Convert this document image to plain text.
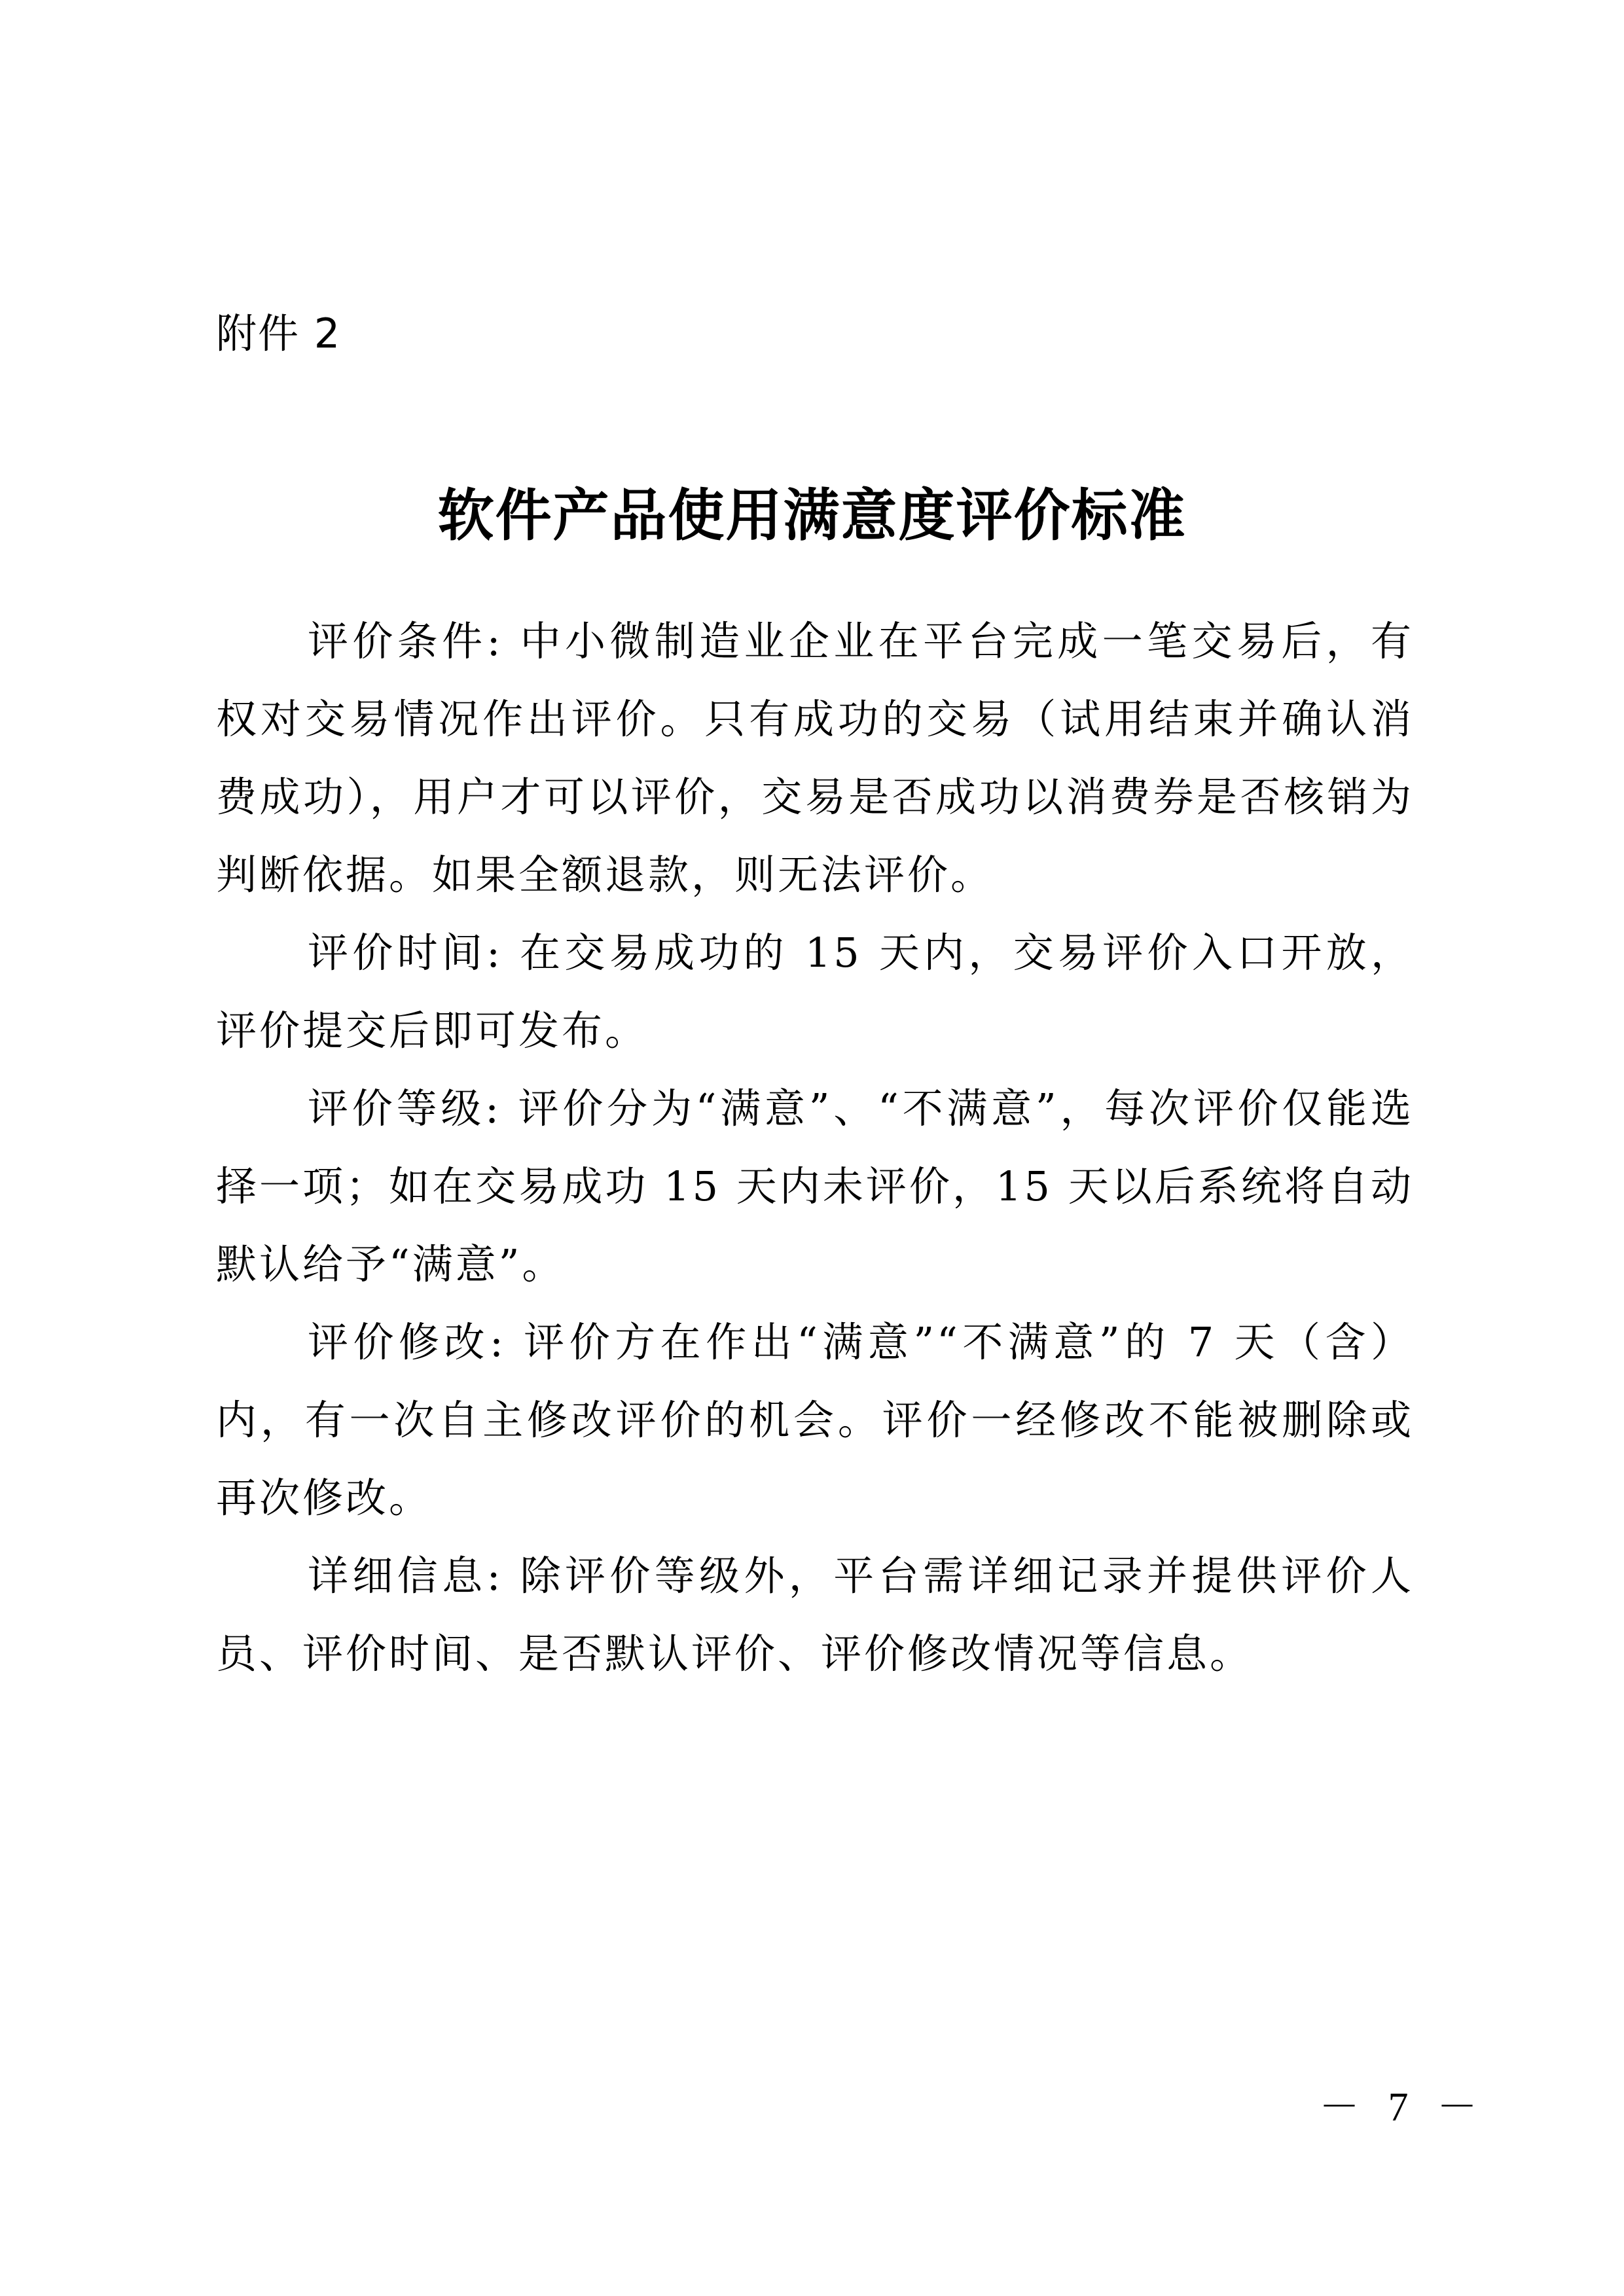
附件 2
软件产品使用满意度评价标准

评价条件: 中小微制造业企业在平台完成一笔交易后，有权对交易情况作出评价。只有成功的交易（试用结束并确认消费成功），用户才可以评价，交易是否成功以消费券是否核销为判断依据。如果全额退款，则无法评价。

评价时间: 在交易成功的 15 天内，交易评价入口开放，评价提交后即可发布。

评价等级: 评价分为“满意”、“不满意”，每次评价仅能选择一项；如在交易成功 15 天内未评价，15 天以后系统将自动默认给予“满意”。

评价修改: 评价方在作出“满意”“不满意”的 7 天（含）内，有一次自主修改评价的机会。评价一经修改不能被删除或再次修改。

详细信息: 除评价等级外，平台需详细记录并提供评价人员、评价时间、是否默认评价、评价修改情况等信息。

－ 7 －
